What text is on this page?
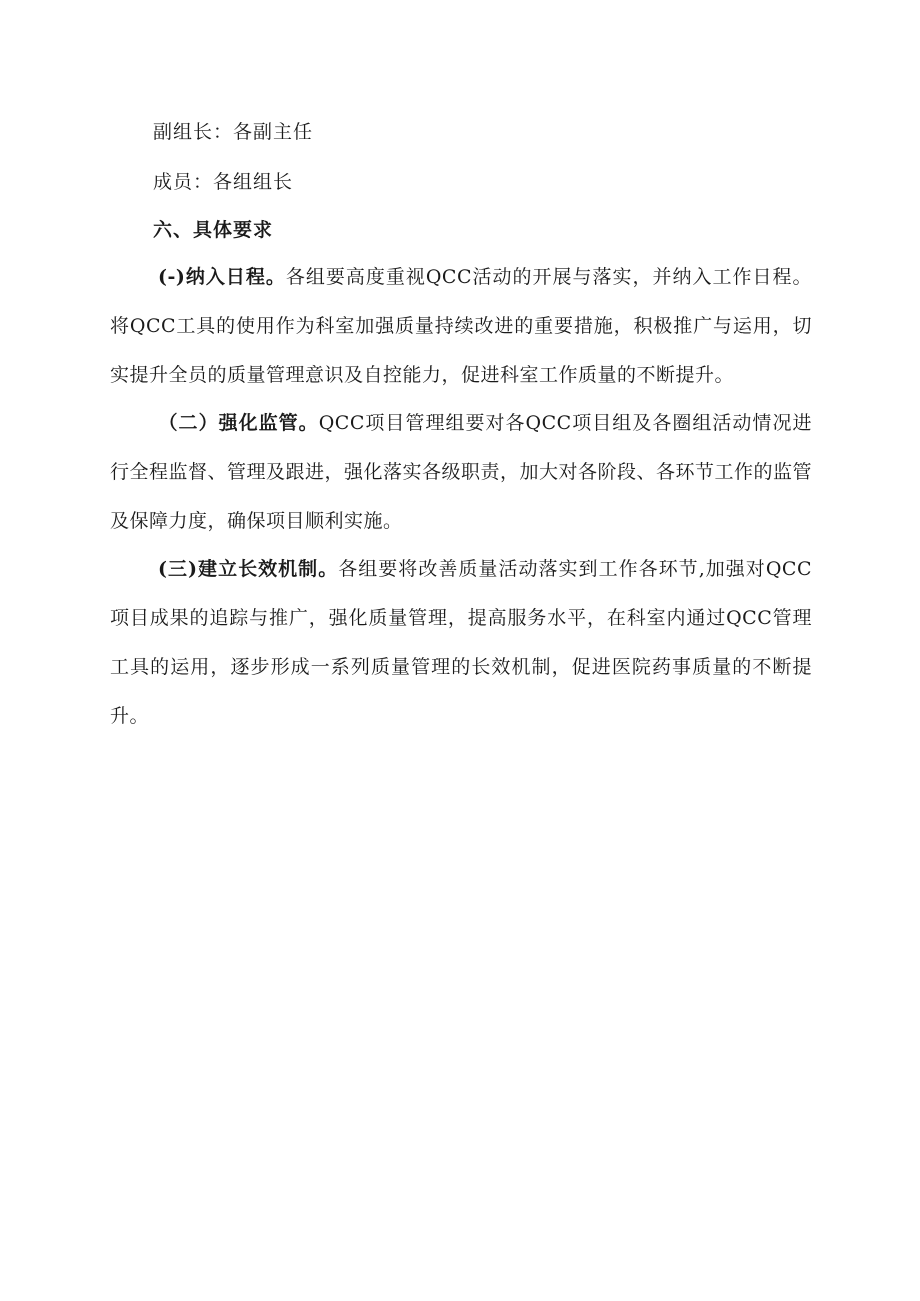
副组长：各副主任
成员：各组组长
六、具体要求
(-)纳入日程。各组要高度重视QCC活动的开展与落实，并纳入工作日程。将QCC工具的使用作为科室加强质量持续改进的重要措施，积极推广与运用，切实提升全员的质量管理意识及自控能力，促进科室工作质量的不断提升。
（二）强化监管。QCC项目管理组要对各QCC项目组及各圈组活动情况进行全程监督、管理及跟进，强化落实各级职责，加大对各阶段、各环节工作的监管及保障力度，确保项目顺利实施。
(三)建立长效机制。各组要将改善质量活动落实到工作各环节,加强对QCC项目成果的追踪与推广，强化质量管理，提高服务水平，在科室内通过QCC管理工具的运用，逐步形成一系列质量管理的长效机制，促进医院药事质量的不断提升。
